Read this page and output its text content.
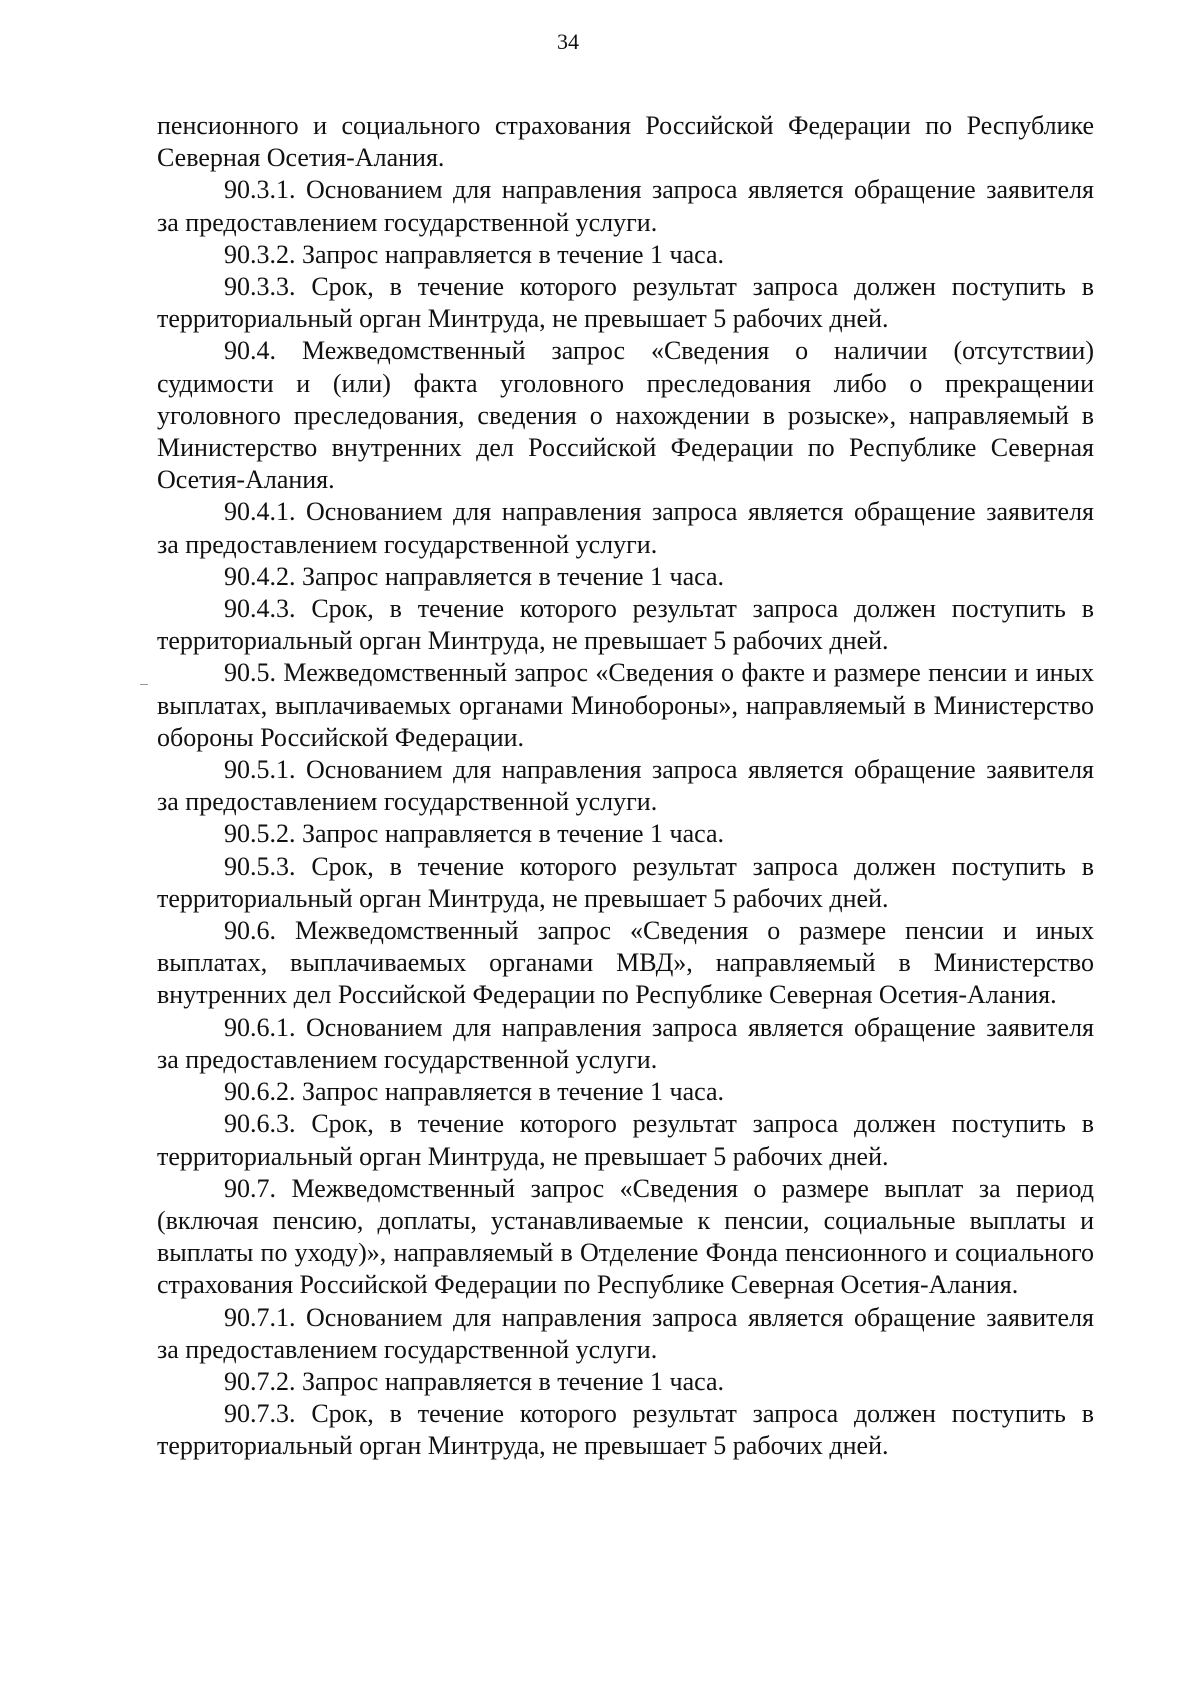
34

пенсионного и социального страхования Российской Федерации по Республике Северная Осетия-Алания.

90.3.1. Основанием для направления запроса является обращение заявителя за предоставлением государственной услуги.

90.3.2. Запрос направляется в течение 1 часа.

90.3.3. Срок, в течение которого результат запроса должен поступить в территориальный орган Минтруда, не превышает 5 рабочих дней.

90.4. Межведомственный запрос «Сведения о наличии (отсутствии) судимости и (или) факта уголовного преследования либо о прекращении уголовного преследования, сведения о нахождении в розыске», направляемый в Министерство внутренних дел Российской Федерации по Республике Северная Осетия-Алания.

90.4.1. Основанием для направления запроса является обращение заявителя за предоставлением государственной услуги.

90.4.2. Запрос направляется в течение 1 часа.

90.4.3. Срок, в течение которого результат запроса должен поступить в территориальный орган Минтруда, не превышает 5 рабочих дней.

90.5. Межведомственный запрос «Сведения о факте и размере пенсии и иных выплатах, выплачиваемых органами Минобороны», направляемый в Министерство обороны Российской Федерации.

90.5.1. Основанием для направления запроса является обращение заявителя за предоставлением государственной услуги.

90.5.2. Запрос направляется в течение 1 часа.

90.5.3. Срок, в течение которого результат запроса должен поступить в территориальный орган Минтруда, не превышает 5 рабочих дней.

90.6. Межведомственный запрос «Сведения о размере пенсии и иных выплатах, выплачиваемых органами МВД», направляемый в Министерство внутренних дел Российской Федерации по Республике Северная Осетия-Алания.

90.6.1. Основанием для направления запроса является обращение заявителя за предоставлением государственной услуги.

90.6.2. Запрос направляется в течение 1 часа.

90.6.3. Срок, в течение которого результат запроса должен поступить в территориальный орган Минтруда, не превышает 5 рабочих дней.

90.7. Межведомственный запрос «Сведения о размере выплат за период (включая пенсию, доплаты, устанавливаемые к пенсии, социальные выплаты и выплаты по уходу)», направляемый в Отделение Фонда пенсионного и социального страхования Российской Федерации по Республике Северная Осетия-Алания.

90.7.1. Основанием для направления запроса является обращение заявителя за предоставлением государственной услуги.

90.7.2. Запрос направляется в течение 1 часа.

90.7.3. Срок, в течение которого результат запроса должен поступить в территориальный орган Минтруда, не превышает 5 рабочих дней.
